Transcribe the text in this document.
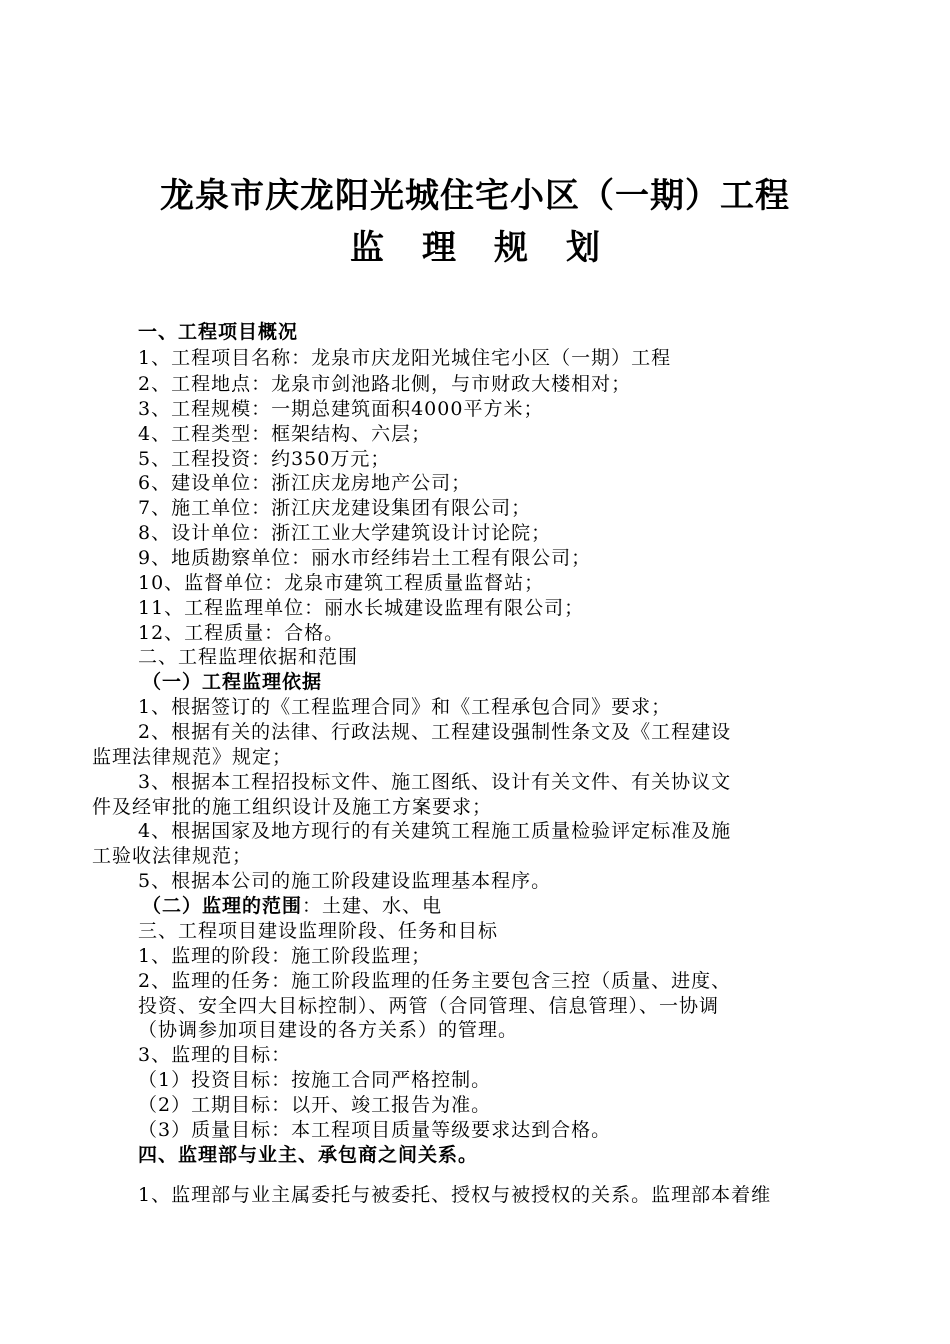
龙泉市庆龙阳光城住宅小区（一期）工程
监理规划
一、工程项目概况
1、工程项目名称：龙泉市庆龙阳光城住宅小区（一期）工程
2、工程地点：龙泉市剑池路北侧，与市财政大楼相对；
3、工程规模：一期总建筑面积4000平方米；
4、工程类型：框架结构、六层；
5、工程投资：约350万元；
6、建设单位：浙江庆龙房地产公司；
7、施工单位：浙江庆龙建设集团有限公司；
8、设计单位：浙江工业大学建筑设计讨论院；
9、地质勘察单位：丽水市经纬岩土工程有限公司；
10、监督单位：龙泉市建筑工程质量监督站；
11、工程监理单位：丽水长城建设监理有限公司；
12、工程质量：合格。
二、工程监理依据和范围
（一）工程监理依据
1、根据签订的《工程监理合同》和《工程承包合同》要求；
2、根据有关的法律、行政法规、工程建设强制性条文及《工程建设
监理法律规范》规定；
3、根据本工程招投标文件、施工图纸、设计有关文件、有关协议文
件及经审批的施工组织设计及施工方案要求；
4、根据国家及地方现行的有关建筑工程施工质量检验评定标准及施
工验收法律规范；
5、根据本公司的施工阶段建设监理基本程序。
（二）监理的范围：土建、水、电
三、工程项目建设监理阶段、任务和目标
1、监理的阶段：施工阶段监理；
2、监理的任务：施工阶段监理的任务主要包含三控（质量、进度、
投资、安全四大目标控制）、两管（合同管理、信息管理）、一协调
（协调参加项目建设的各方关系）的管理。
3、监理的目标：
（1）投资目标：按施工合同严格控制。
（2）工期目标：以开、竣工报告为准。
（3）质量目标：本工程项目质量等级要求达到合格。
四、监理部与业主、承包商之间关系。
1、监理部与业主属委托与被委托、授权与被授权的关系。监理部本着维
